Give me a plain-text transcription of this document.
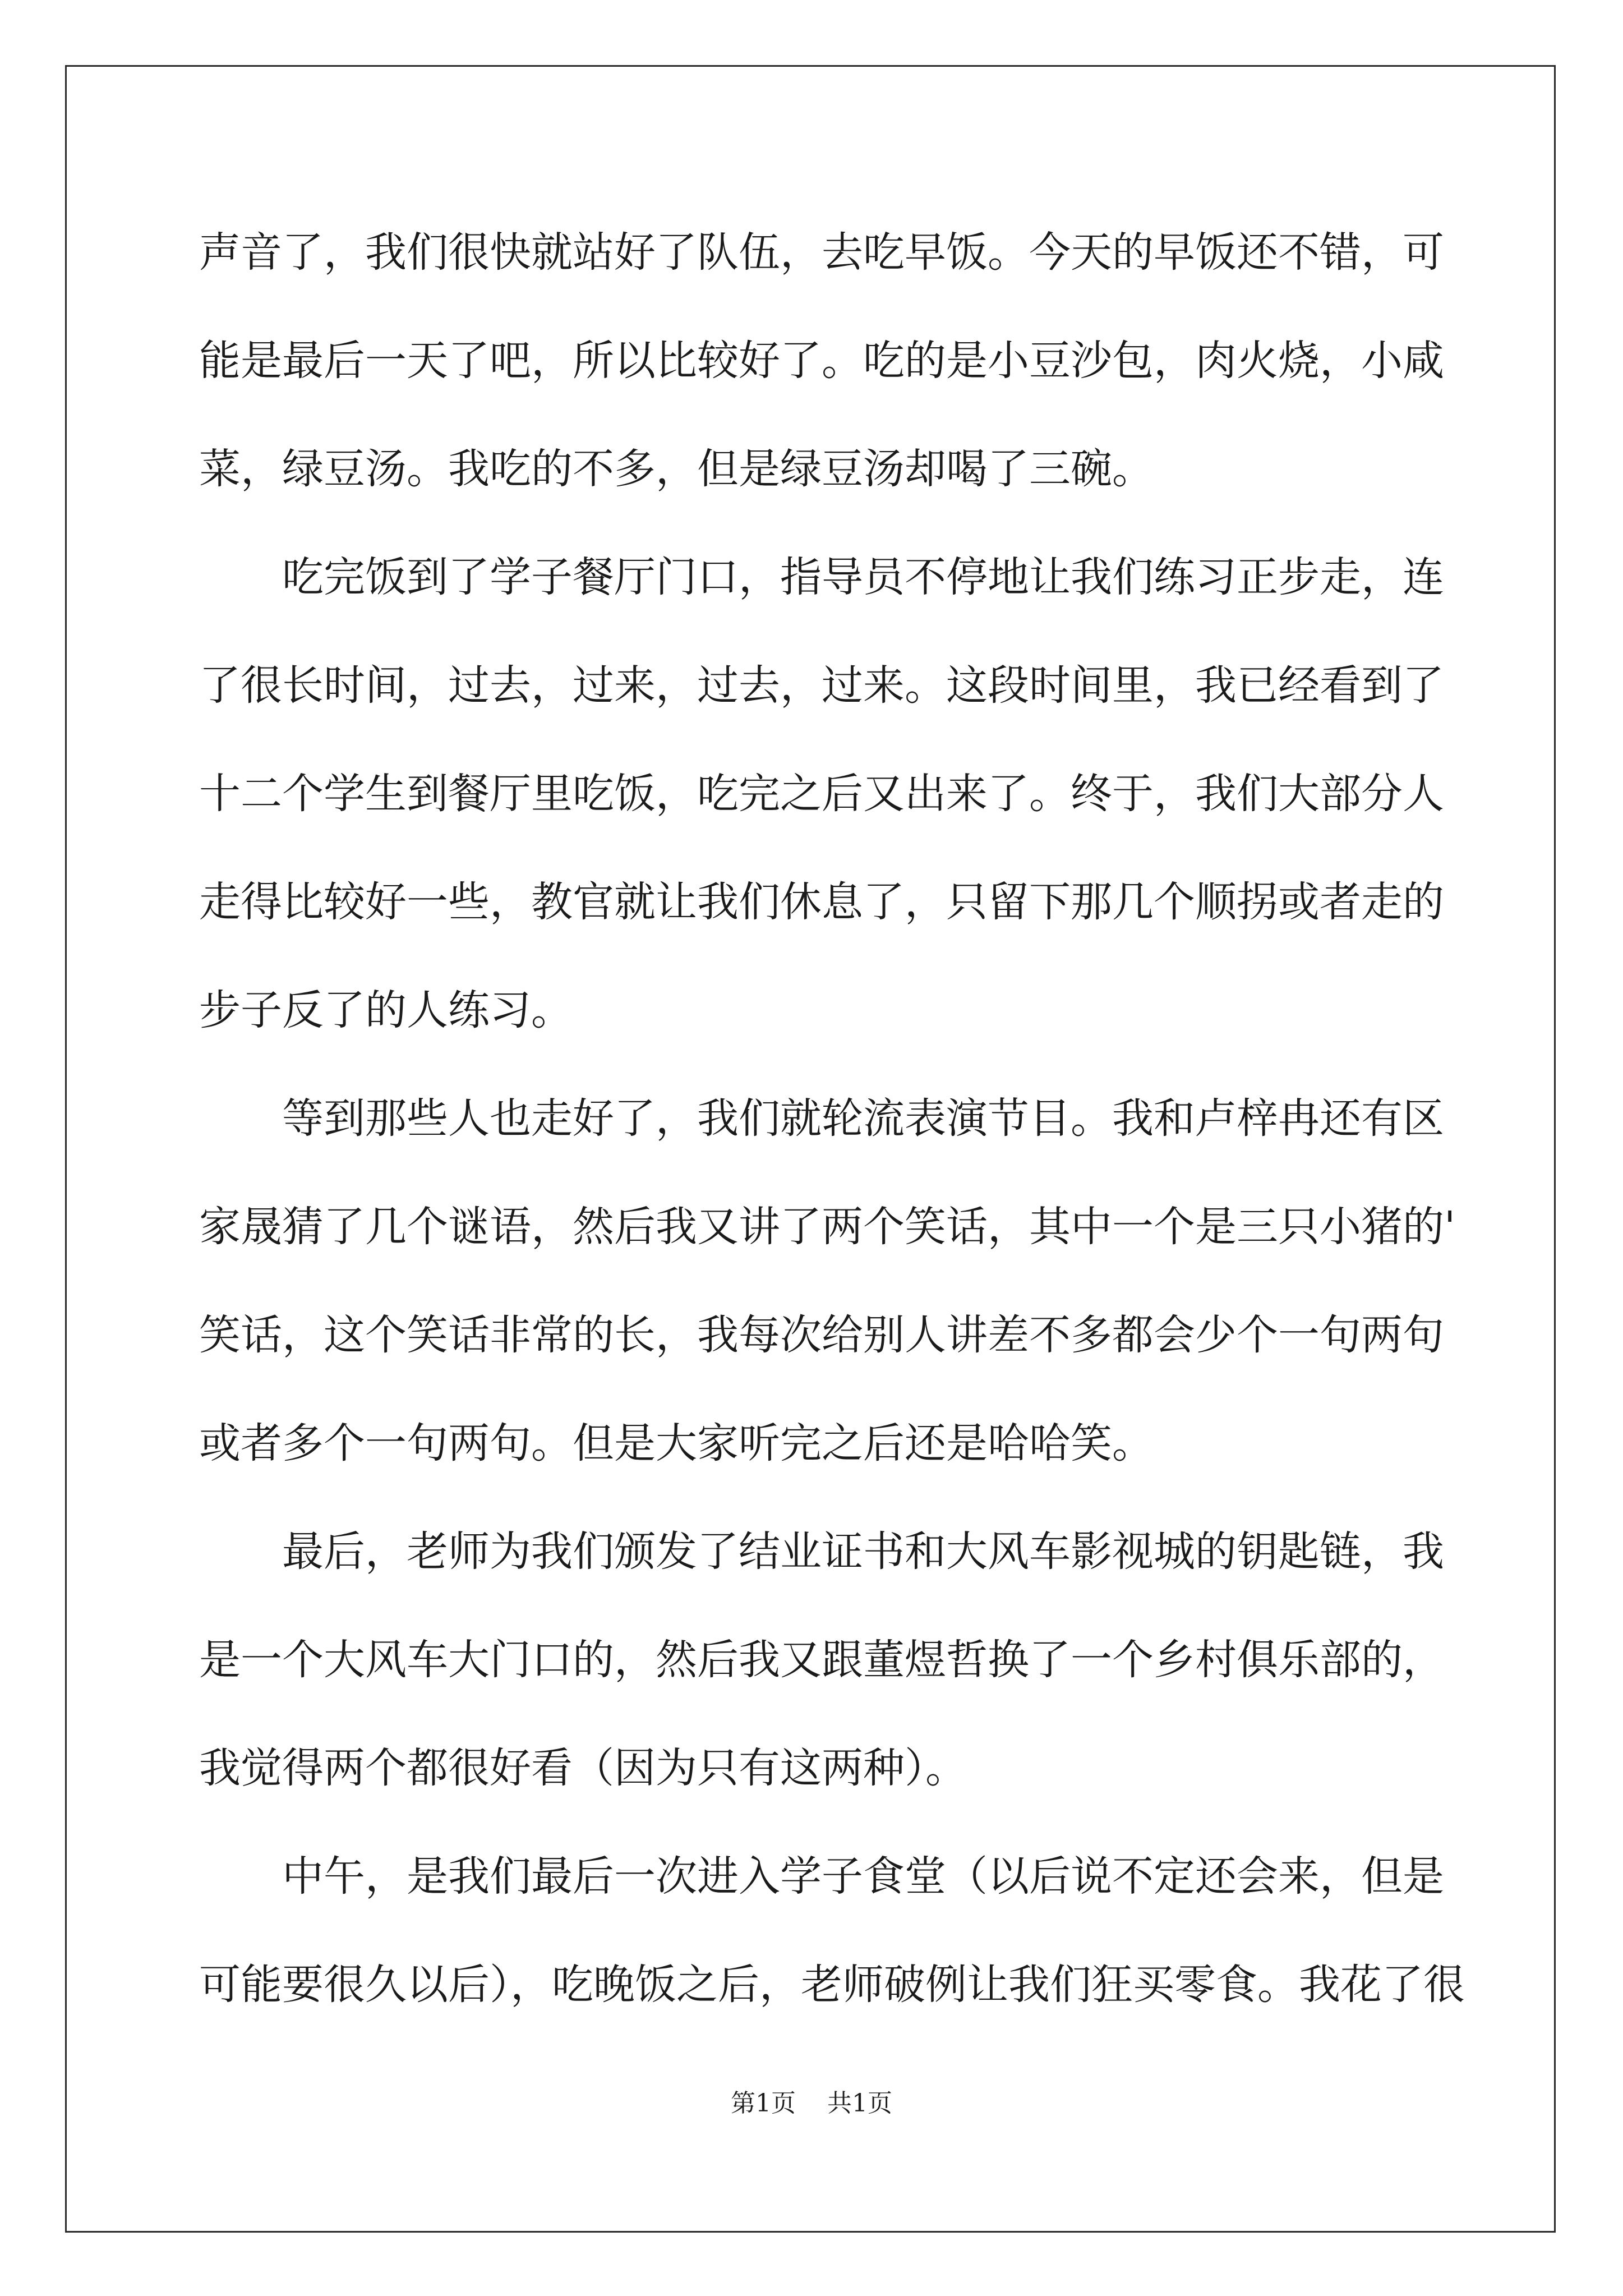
声音了，我们很快就站好了队伍，去吃早饭。今天的早饭还不错，可
能是最后一天了吧，所以比较好了。吃的是小豆沙包，肉火烧，小咸
菜，绿豆汤。我吃的不多，但是绿豆汤却喝了三碗。
吃完饭到了学子餐厅门口，指导员不停地让我们练习正步走，连
了很长时间，过去，过来，过去，过来。这段时间里，我已经看到了
十二个学生到餐厅里吃饭，吃完之后又出来了。终于，我们大部分人
走得比较好一些，教官就让我们休息了，只留下那几个顺拐或者走的
步子反了的人练习。
等到那些人也走好了，我们就轮流表演节目。我和卢梓冉还有区
家晟猜了几个谜语，然后我又讲了两个笑话，其中一个是三只小猪的'
笑话，这个笑话非常的长，我每次给别人讲差不多都会少个一句两句
或者多个一句两句。但是大家听完之后还是哈哈笑。
最后，老师为我们颁发了结业证书和大风车影视城的钥匙链，我
是一个大风车大门口的，然后我又跟董煜哲换了一个乡村俱乐部的，
我觉得两个都很好看（因为只有这两种）。
中午，是我们最后一次进入学子食堂（以后说不定还会来，但是
可能要很久以后），吃晚饭之后，老师破例让我们狂买零食。我花了很
第1页    共1页
